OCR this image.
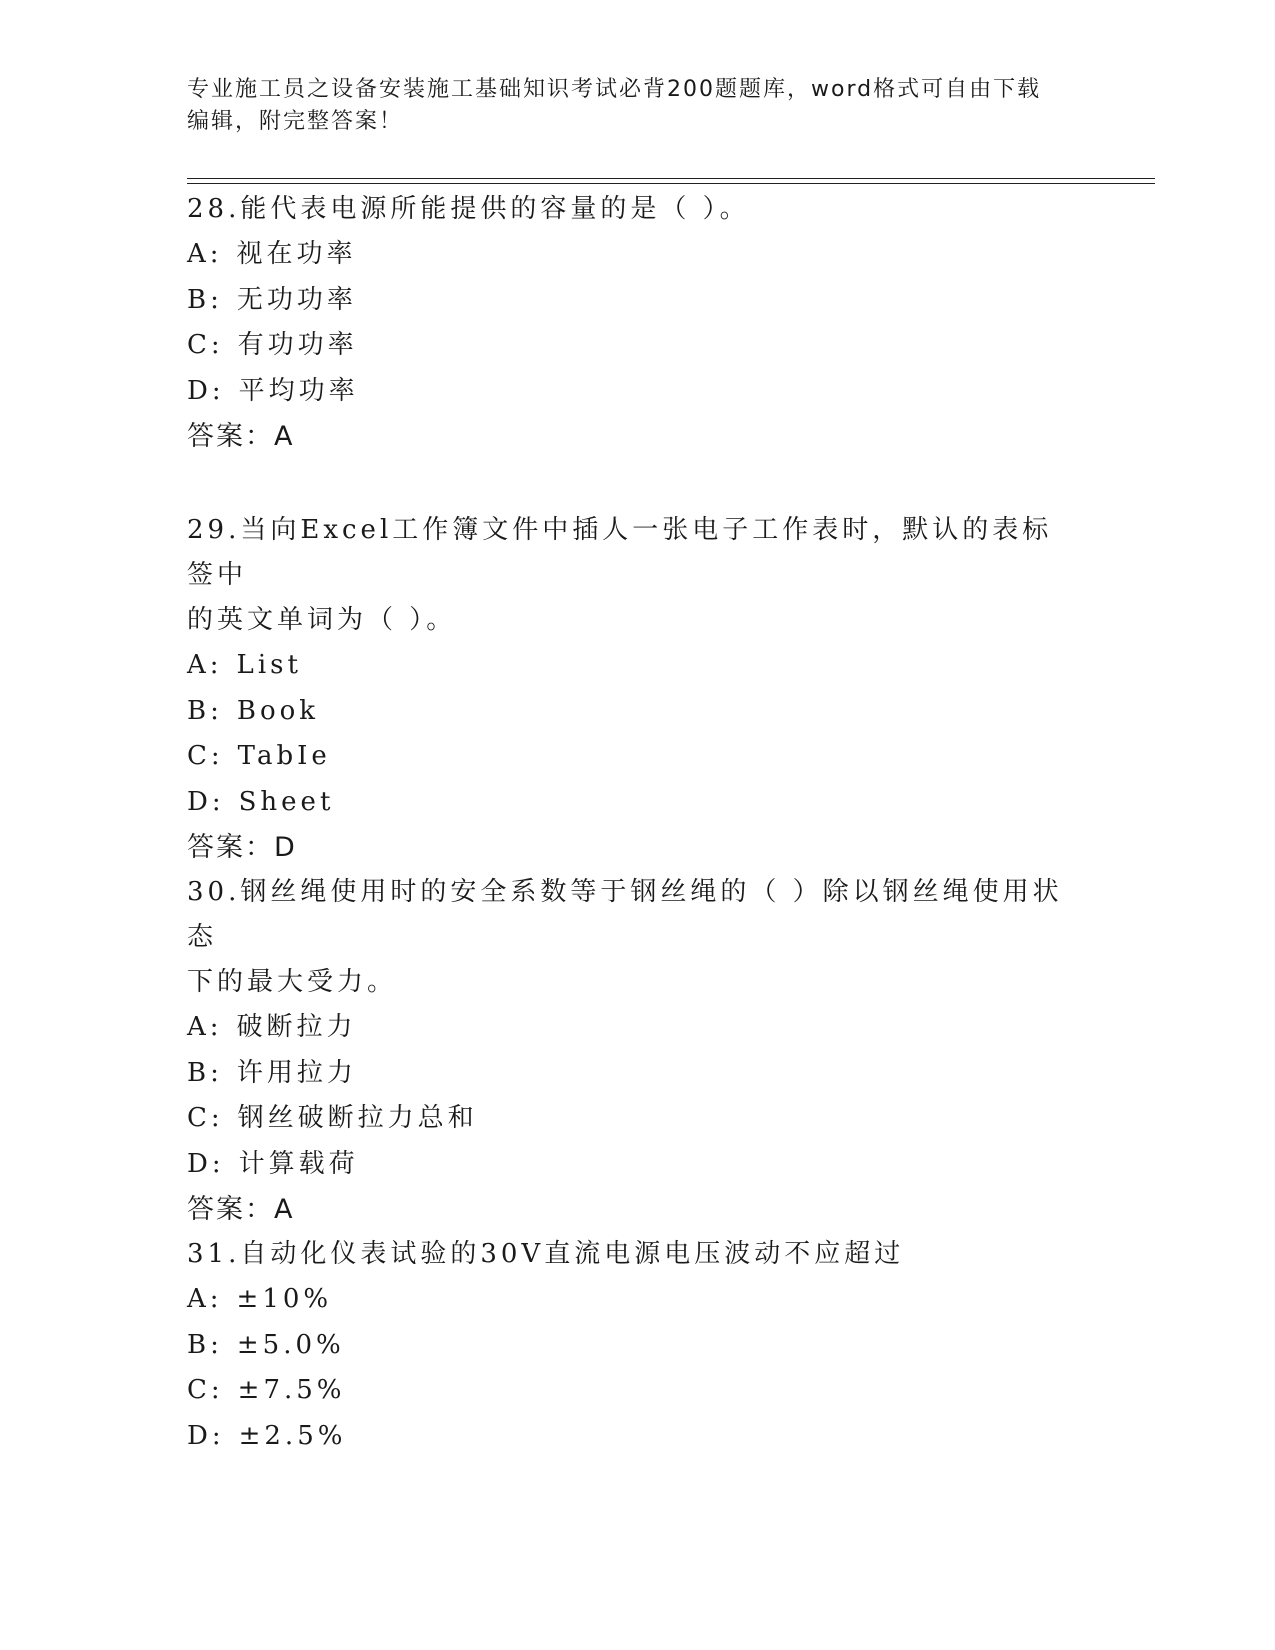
专业施工员之设备安装施工基础知识考试必背200题题库，word格式可自由下载
编辑，附完整答案！

28.能代表电源所能提供的容量的是（ ）。

A: 视在功率

B: 无功功率

C: 有功功率

D: 平均功率

答案：A

29.当向Excel工作簿文件中插人一张电子工作表时，默认的表标签中

的英文单词为（ ）。

A: List

B: Book

C: TabIe

D: Sheet

答案：D

30.钢丝绳使用时的安全系数等于钢丝绳的（ ）除以钢丝绳使用状态

下的最大受力。

A: 破断拉力

B: 许用拉力

C: 钢丝破断拉力总和

D: 计算载荷

答案：A

31.自动化仪表试验的30V直流电源电压波动不应超过

A: ±10%

B: ±5.0%

C: ±7.5%

D: ±2.5%
